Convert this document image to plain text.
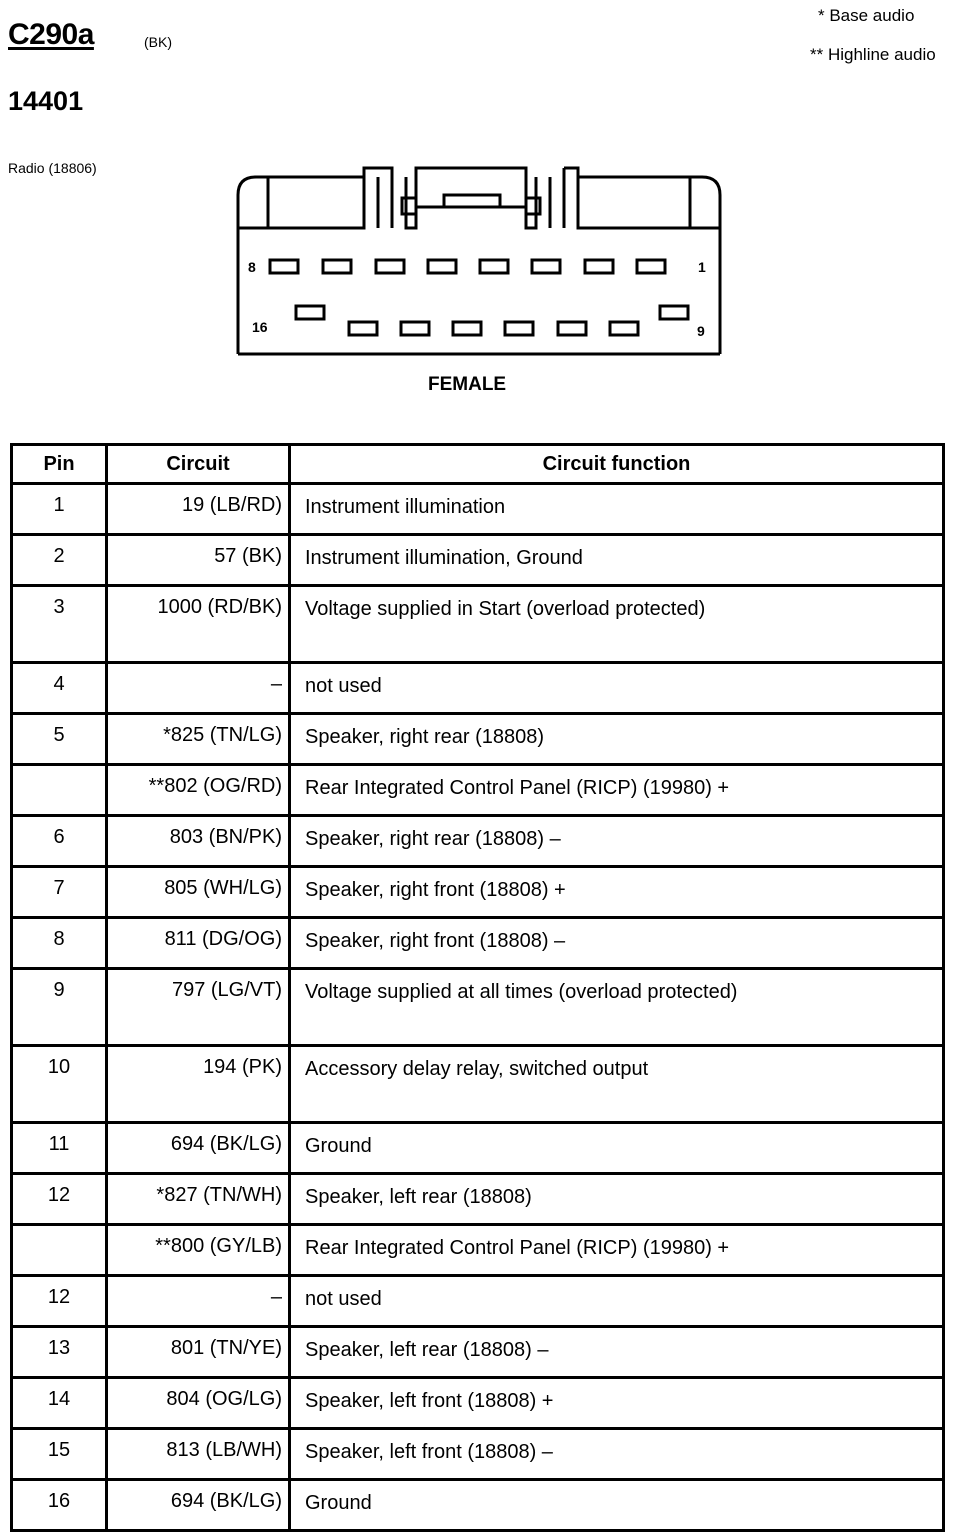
C290a	(BK)
14401
Radio (18806)
* Base audio
** Highline audio
8	1
16	9
FEMALE
Pin	Circuit	Circuit function
1	19 (LB/RD)	Instrument illumination
2	57 (BK)	Instrument illumination, Ground
3	1000 (RD/BK)	Voltage supplied in Start (overload protected)
4	–	not used
5	*825 (TN/LG)	Speaker, right rear (18808)
	**802 (OG/RD)	Rear Integrated Control Panel (RICP) (19980) +
6	803 (BN/PK)	Speaker, right rear (18808) –
7	805 (WH/LG)	Speaker, right front (18808) +
8	811 (DG/OG)	Speaker, right front (18808) –
9	797 (LG/VT)	Voltage supplied at all times (overload protected)
10	194 (PK)	Accessory delay relay, switched output
11	694 (BK/LG)	Ground
12	*827 (TN/WH)	Speaker, left rear (18808)
	**800 (GY/LB)	Rear Integrated Control Panel (RICP) (19980) +
12	–	not used
13	801 (TN/YE)	Speaker, left rear (18808) –
14	804 (OG/LG)	Speaker, left front (18808) +
15	813 (LB/WH)	Speaker, left front (18808) –
16	694 (BK/LG)	Ground
